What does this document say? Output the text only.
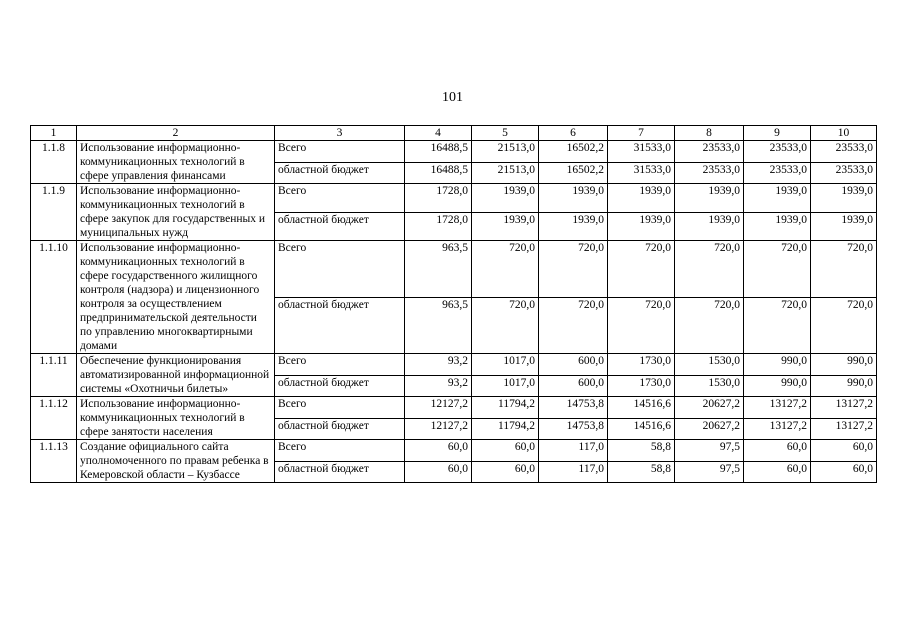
101
1	2	3	4	5	6	7	8	9	10
1.1.8	Использование информационно-коммуникационных технологий в сфере управления финансами	Всего	16488,5	21513,0	16502,2	31533,0	23533,0	23533,0	23533,0
		областной бюджет	16488,5	21513,0	16502,2	31533,0	23533,0	23533,0	23533,0
1.1.9	Использование информационно-коммуникационных технологий в сфере закупок для государственных и муниципальных нужд	Всего	1728,0	1939,0	1939,0	1939,0	1939,0	1939,0	1939,0
		областной бюджет	1728,0	1939,0	1939,0	1939,0	1939,0	1939,0	1939,0
1.1.10	Использование информационно-коммуникационных технологий в сфере государственного жилищного контроля (надзора) и лицензионного контроля за осуществлением предпринимательской деятельности по управлению многоквартирными домами	Всего	963,5	720,0	720,0	720,0	720,0	720,0	720,0
		областной бюджет	963,5	720,0	720,0	720,0	720,0	720,0	720,0
1.1.11	Обеспечение функционирования автоматизированной информационной системы «Охотничьи билеты»	Всего	93,2	1017,0	600,0	1730,0	1530,0	990,0	990,0
		областной бюджет	93,2	1017,0	600,0	1730,0	1530,0	990,0	990,0
1.1.12	Использование информационно-коммуникационных технологий в сфере занятости населения	Всего	12127,2	11794,2	14753,8	14516,6	20627,2	13127,2	13127,2
		областной бюджет	12127,2	11794,2	14753,8	14516,6	20627,2	13127,2	13127,2
1.1.13	Создание официального сайта уполномоченного по правам ребенка в Кемеровской области – Кузбассе	Всего	60,0	60,0	117,0	58,8	97,5	60,0	60,0
		областной бюджет	60,0	60,0	117,0	58,8	97,5	60,0	60,0
